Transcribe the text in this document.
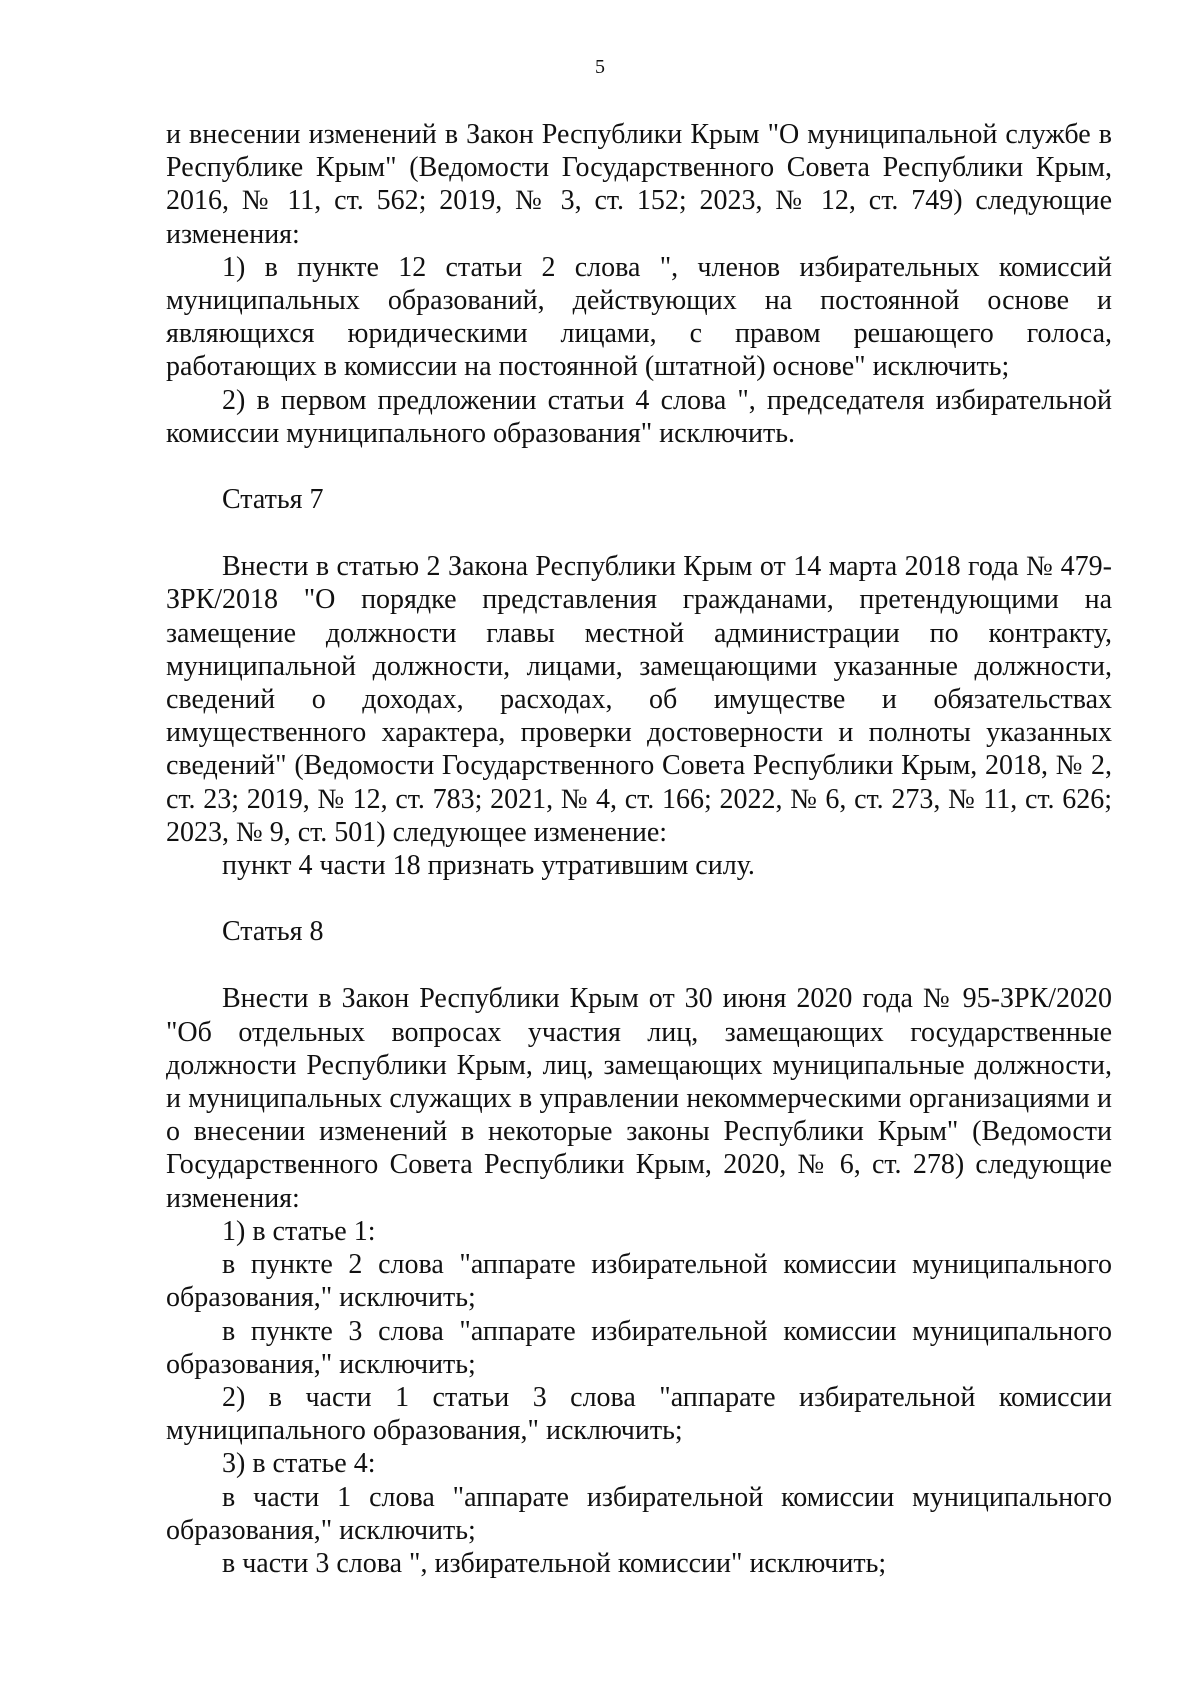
5

и внесении изменений в Закон Республики Крым "О муниципальной службе в Республике Крым" (Ведомости Государственного Совета Республики Крым, 2016, № 11, ст. 562; 2019, № 3, ст. 152; 2023, № 12, ст. 749) следующие изменения:

1) в пункте 12 статьи 2 слова ", членов избирательных комиссий муниципальных образований, действующих на постоянной основе и являющихся юридическими лицами, с правом решающего голоса, работающих в комиссии на постоянной (штатной) основе" исключить;

2) в первом предложении статьи 4 слова ", председателя избирательной комиссии муниципального образования" исключить.

Статья 7

Внести в статью 2 Закона Республики Крым от 14 марта 2018 года № 479-ЗРК/2018 "О порядке представления гражданами, претендующими на замещение должности главы местной администрации по контракту, муниципальной должности, лицами, замещающими указанные должности, сведений о доходах, расходах, об имуществе и обязательствах имущественного характера, проверки достоверности и полноты указанных сведений" (Ведомости Государственного Совета Республики Крым, 2018, № 2, ст. 23; 2019, № 12, ст. 783; 2021, № 4, ст. 166; 2022, № 6, ст. 273, № 11, ст. 626; 2023, № 9, ст. 501) следующее изменение:

пункт 4 части 18 признать утратившим силу.

Статья 8

Внести в Закон Республики Крым от 30 июня 2020 года № 95-ЗРК/2020 "Об отдельных вопросах участия лиц, замещающих государственные должности Республики Крым, лиц, замещающих муниципальные должности, и муниципальных служащих в управлении некоммерческими организациями и о внесении изменений в некоторые законы Республики Крым" (Ведомости Государственного Совета Республики Крым, 2020, № 6, ст. 278) следующие изменения:

1) в статье 1:

в пункте 2 слова "аппарате избирательной комиссии муниципального образования," исключить;

в пункте 3 слова "аппарате избирательной комиссии муниципального образования," исключить;

2) в части 1 статьи 3 слова "аппарате избирательной комиссии муниципального образования," исключить;

3) в статье 4:

в части 1 слова "аппарате избирательной комиссии муниципального образования," исключить;

в части 3 слова ", избирательной комиссии" исключить;
